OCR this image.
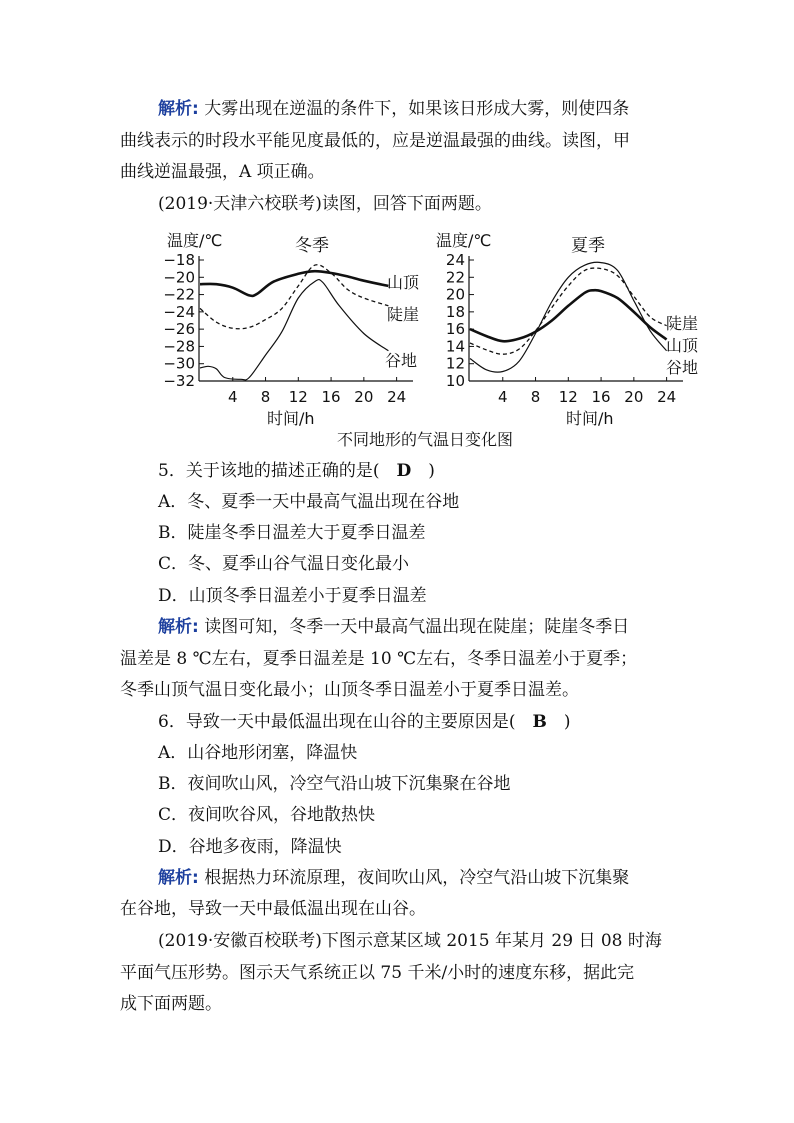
解析: 大雾出现在逆温的条件下，如果该日形成大雾，则使四条
曲线表示的时段水平能见度最低的，应是逆温最强的曲线。读图，甲
曲线逆温最强，A 项正确。
(2019·天津六校联考)读图，回答下面两题。
温度/℃	温度/℃
冬季	夏季
−32
−30
−28
−26
−24
−22
−20
−18
4 8 12 16 20 24
10
12
14
16
18
20
22
24
4 8 12 16 20 24
山顶
陡崖
谷地
陡崖
山顶
谷地
时间/h	时间/h
不同地形的气温日变化图
5．关于该地的描述正确的是(　D　)
A．冬、夏季一天中最高气温出现在谷地
B．陡崖冬季日温差大于夏季日温差
C．冬、夏季山谷气温日变化最小
D．山顶冬季日温差小于夏季日温差
解析: 读图可知，冬季一天中最高气温出现在陡崖；陡崖冬季日
温差是 8 ℃左右，夏季日温差是 10 ℃左右，冬季日温差小于夏季；
冬季山顶气温日变化最小；山顶冬季日温差小于夏季日温差。
6．导致一天中最低温出现在山谷的主要原因是(　B　)
A．山谷地形闭塞，降温快
B．夜间吹山风，冷空气沿山坡下沉集聚在谷地
C．夜间吹谷风，谷地散热快
D．谷地多夜雨，降温快
解析: 根据热力环流原理，夜间吹山风，冷空气沿山坡下沉集聚
在谷地，导致一天中最低温出现在山谷。
(2019·安徽百校联考)下图示意某区域 2015 年某月 29 日 08 时海
平面气压形势。图示天气系统正以 75 千米/小时的速度东移，据此完
成下面两题。
